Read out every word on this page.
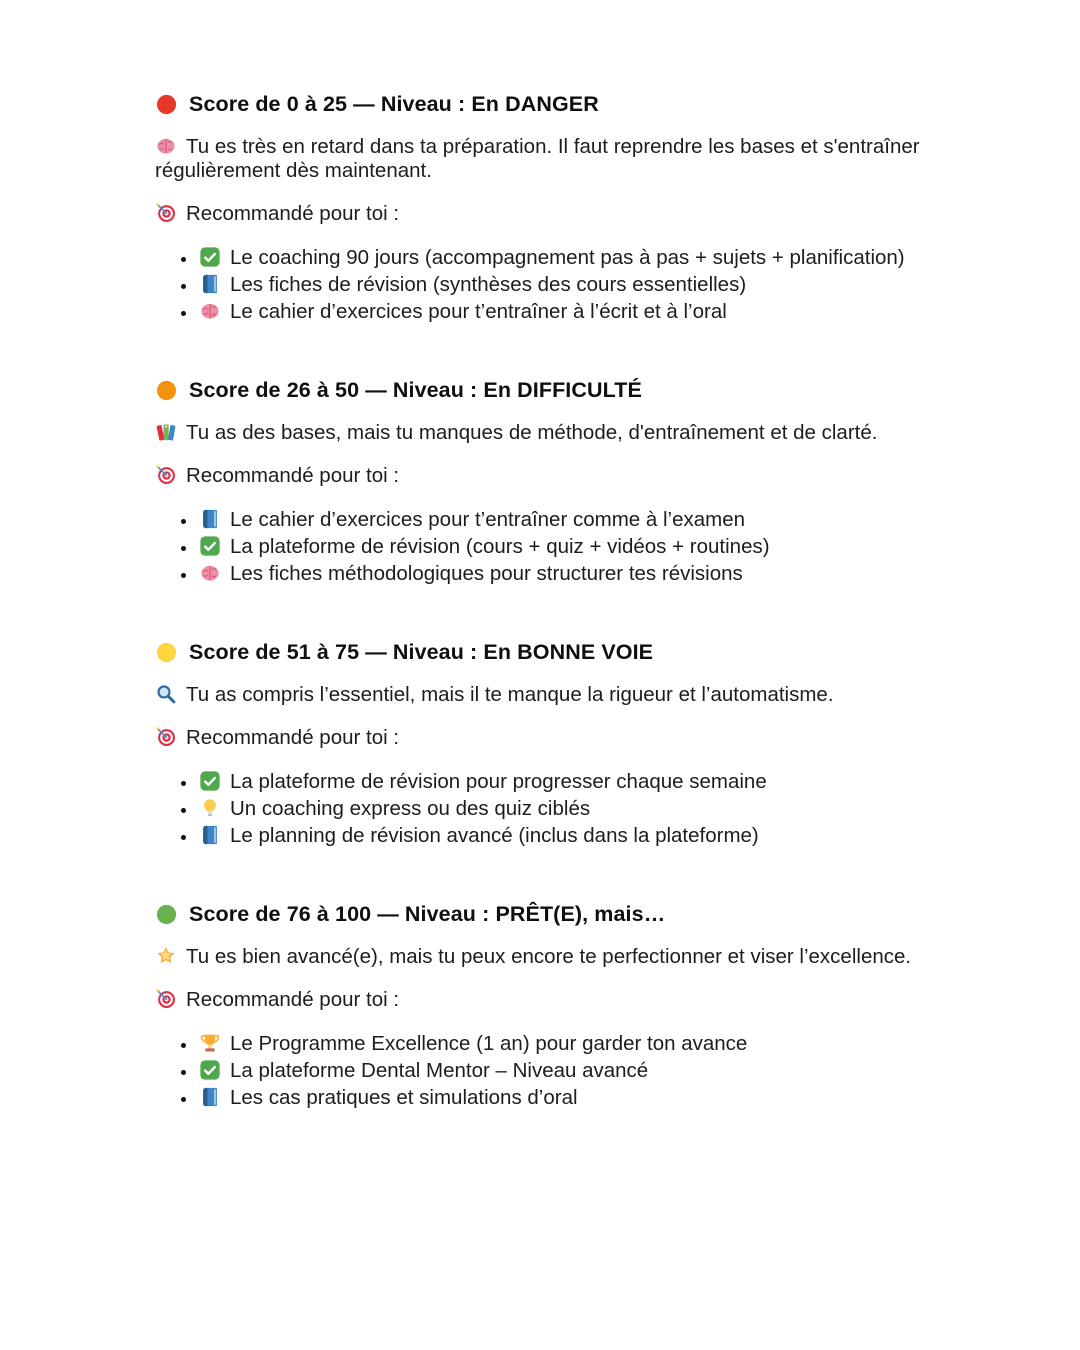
Score de 0 à 25 — Niveau : En DANGER

Tu es très en retard dans ta préparation. Il faut reprendre les bases et s'entraîner régulièrement dès maintenant.

Recommandé pour toi :

• Le coaching 90 jours (accompagnement pas à pas + sujets + planification)
• Les fiches de révision (synthèses des cours essentielles)
• Le cahier d’exercices pour t’entraîner à l’écrit et à l’oral
Score de 26 à 50 — Niveau : En DIFFICULTÉ

Tu as des bases, mais tu manques de méthode, d'entraînement et de clarté.

Recommandé pour toi :

• Le cahier d’exercices pour t’entraîner comme à l’examen
• La plateforme de révision (cours + quiz + vidéos + routines)
• Les fiches méthodologiques pour structurer tes révisions
Score de 51 à 75 — Niveau : En BONNE VOIE

Tu as compris l’essentiel, mais il te manque la rigueur et l’automatisme.

Recommandé pour toi :

• La plateforme de révision pour progresser chaque semaine
• Un coaching express ou des quiz ciblés
• Le planning de révision avancé (inclus dans la plateforme)
Score de 76 à 100 — Niveau : PRÊT(E), mais…

Tu es bien avancé(e), mais tu peux encore te perfectionner et viser l’excellence.

Recommandé pour toi :

• Le Programme Excellence (1 an) pour garder ton avance
• La plateforme Dental Mentor – Niveau avancé
• Les cas pratiques et simulations d’oral
